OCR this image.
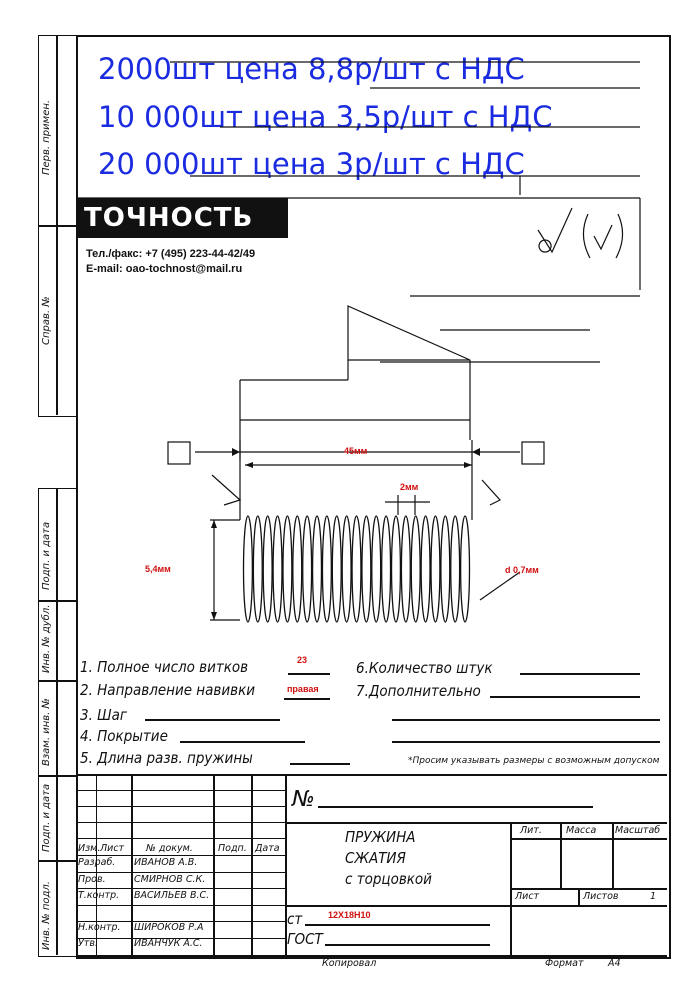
Перв. примен.
Справ. №
Подп. и дата
Инв. № дубл.
Взам. инв. №
Подп. и дата
Инв. № подл.
2000шт цена 8,8р/шт с НДС
10 000шт цена 3,5р/шт с НДС
20 000шт цена 3р/шт с НДС
ТОЧНОСТЬ
Тел./факс: +7 (495) 223-44-42/49
E-mail: oao-tochnost@mail.ru
45мм
2мм
5,4мм	d 0,7мм
1. Полное число витков	23
2. Направление навивки	правая
3. Шаг
4. Покрытие
5. Длина разв. пружины
6.Количество штук
7.Дополнительно
*Просим указывать размеры с возможным допуском
Изм. Лист № докум.	Подп. Дата
Разраб. ИВАНОВ А.В.
Пров.	СМИРНОВ С.К.
Т.контр. ВАСИЛЬЕВ В.С.
Н.контр. ШИРОКОВ Р.А
Утв.	ИВАНЧУК А.С.
№
ПРУЖИНА
СЖАТИЯ
с торцовкой
Лит.	Масса Масштаб
Лист	Листов	1
ст	12Х18Н10
ГОСТ
Копировал	Формат	А4
